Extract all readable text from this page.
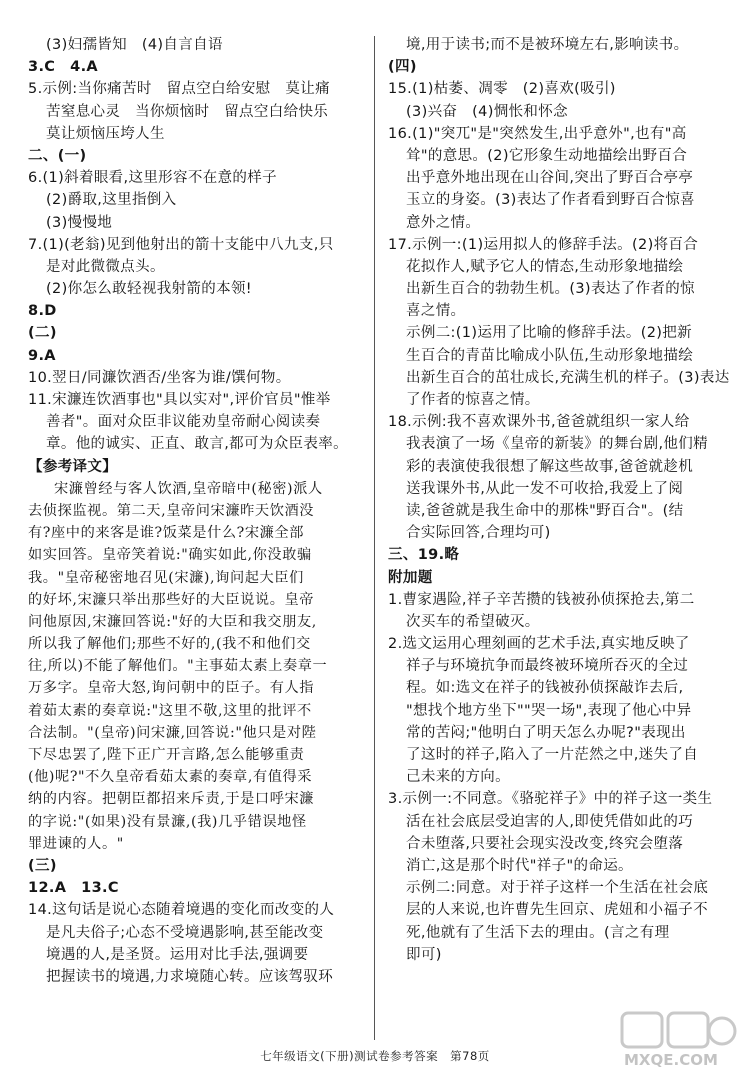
(3)妇孺皆知　(4)自言自语
3.C　4.A
5.示例:当你痛苦时　留点空白给安慰　莫让痛
苦窒息心灵　当你烦恼时　留点空白给快乐
莫让烦恼压垮人生
二、(一)
6.(1)斜着眼看,这里形容不在意的样子
(2)爵取,这里指倒入
(3)慢慢地
7.(1)(老翁)见到他射出的箭十支能中八九支,只
是对此微微点头。
(2)你怎么敢轻视我射箭的本领!
8.D
(二)
9.A
10.翌日/同濂饮酒否/坐客为谁/馔何物。
11.宋濂连饮酒事也"具以实对",评价官员"惟举
善者"。面对众臣非议能劝皇帝耐心阅读奏
章。他的诚实、正直、敢言,都可为众臣表率。
【参考译文】
宋濂曾经与客人饮酒,皇帝暗中(秘密)派人
去侦探监视。第二天,皇帝问宋濂昨天饮酒没
有?座中的来客是谁?饭菜是什么?宋濂全部
如实回答。皇帝笑着说:"确实如此,你没敢骗
我。"皇帝秘密地召见(宋濂),询问起大臣们
的好坏,宋濂只举出那些好的大臣说说。皇帝
问他原因,宋濂回答说:"好的大臣和我交朋友,
所以我了解他们;那些不好的,(我不和他们交
往,所以)不能了解他们。"主事茹太素上奏章一
万多字。皇帝大怒,询问朝中的臣子。有人指
着茹太素的奏章说:"这里不敬,这里的批评不
合法制。"(皇帝)问宋濂,回答说:"他只是对陛
下尽忠罢了,陛下正广开言路,怎么能够重责
(他)呢?"不久皇帝看茹太素的奏章,有值得采
纳的内容。把朝臣都招来斥责,于是口呼宋濂
的字说:"(如果)没有景濂,(我)几乎错误地怪
罪进谏的人。"
(三)
12.A　13.C
14.这句话是说心态随着境遇的变化而改变的人
是凡夫俗子;心态不受境遇影响,甚至能改变
境遇的人,是圣贤。运用对比手法,强调要
把握读书的境遇,力求境随心转。应该驾驭环
境,用于读书;而不是被环境左右,影响读书。
(四)
15.(1)枯萎、凋零　(2)喜欢(吸引)
(3)兴奋　(4)惆怅和怀念
16.(1)"突兀"是"突然发生,出乎意外",也有"高
耸"的意思。(2)它形象生动地描绘出野百合
出乎意外地出现在山谷间,突出了野百合亭亭
玉立的身姿。(3)表达了作者看到野百合惊喜
意外之情。
17.示例一:(1)运用拟人的修辞手法。(2)将百合
花拟作人,赋予它人的情态,生动形象地描绘
出新生百合的勃勃生机。(3)表达了作者的惊
喜之情。
示例二:(1)运用了比喻的修辞手法。(2)把新
生百合的青苗比喻成小队伍,生动形象地描绘
出新生百合的茁壮成长,充满生机的样子。(3)表达
了作者的惊喜之情。
18.示例:我不喜欢课外书,爸爸就组织一家人给
我表演了一场《皇帝的新装》的舞台剧,他们精
彩的表演使我很想了解这些故事,爸爸就趁机
送我课外书,从此一发不可收拾,我爱上了阅
读,爸爸就是我生命中的那株"野百合"。(结
合实际回答,合理均可)
三、19.略
附加题
1.曹家遇险,祥子辛苦攒的钱被孙侦探抢去,第二
次买车的希望破灭。
2.选文运用心理刻画的艺术手法,真实地反映了
祥子与环境抗争而最终被环境所吞灭的全过
程。如:选文在祥子的钱被孙侦探敲诈去后,
"想找个地方坐下""哭一场",表现了他心中异
常的苦闷;"他明白了明天怎么办呢?"表现出
了这时的祥子,陷入了一片茫然之中,迷失了自
己未来的方向。
3.示例一:不同意。《骆驼祥子》中的祥子这一类生
活在社会底层受迫害的人,即使凭借如此的巧
合未堕落,只要社会现实没改变,终究会堕落
消亡,这是那个时代"祥子"的命运。
示例二:同意。对于祥子这样一个生活在社会底
层的人来说,也许曹先生回京、虎妞和小福子不
死,他就有了生活下去的理由。(言之有理
即可)
七年级语文(下册)测试卷参考答案　第78页	MXQE.COM
